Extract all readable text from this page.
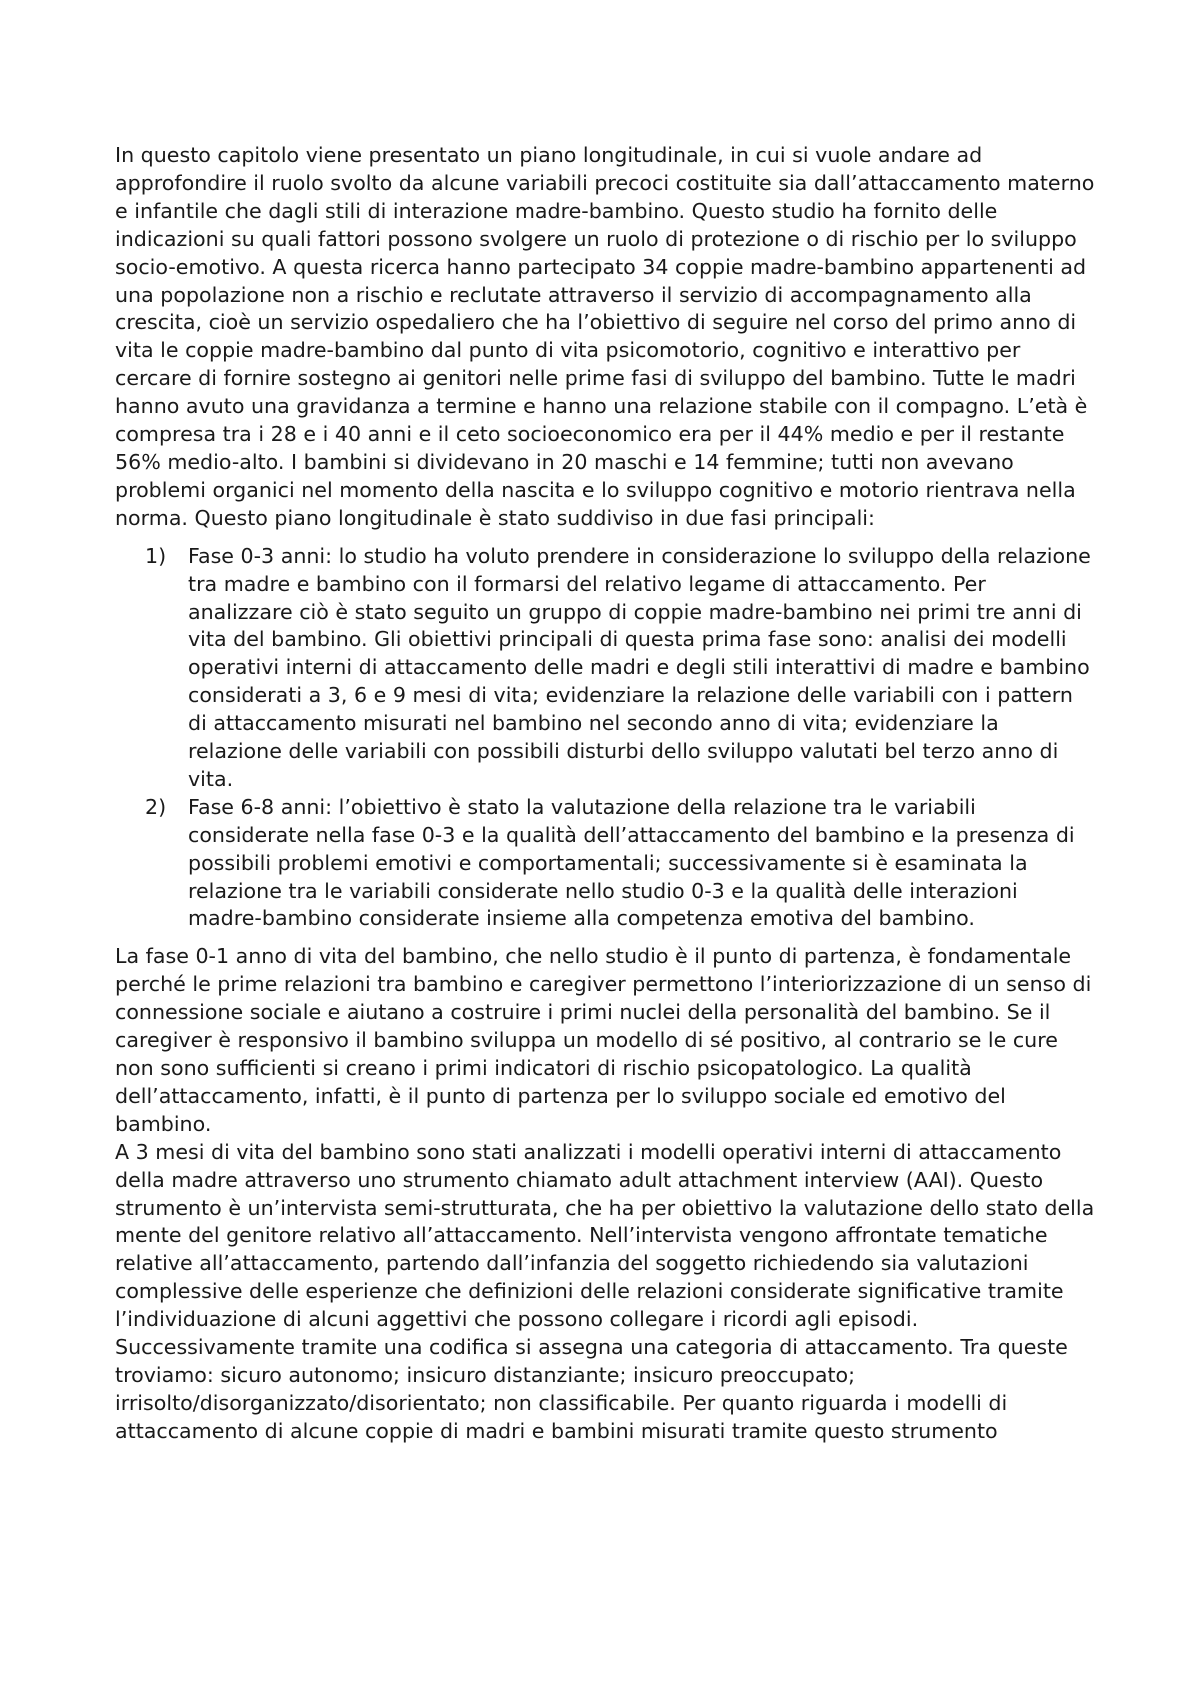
In questo capitolo viene presentato un piano longitudinale, in cui si vuole andare ad approfondire il ruolo svolto da alcune variabili precoci costituite sia dall’attaccamento materno e infantile che dagli stili di interazione madre-bambino. Questo studio ha fornito delle indicazioni su quali fattori possono svolgere un ruolo di protezione o di rischio per lo sviluppo socio-emotivo. A questa ricerca hanno partecipato 34 coppie madre-bambino appartenenti ad una popolazione non a rischio e reclutate attraverso il servizio di accompagnamento alla crescita, cioè un servizio ospedaliero che ha l’obiettivo di seguire nel corso del primo anno di vita le coppie madre-bambino dal punto di vita psicomotorio, cognitivo e interattivo per cercare di fornire sostegno ai genitori nelle prime fasi di sviluppo del bambino. Tutte le madri hanno avuto una gravidanza a termine e hanno una relazione stabile con il compagno. L’età è compresa tra i 28 e i 40 anni e il ceto socioeconomico era per il 44% medio e per il restante 56% medio-alto. I bambini si dividevano in 20 maschi e 14 femmine; tutti non avevano problemi organici nel momento della nascita e lo sviluppo cognitivo e motorio rientrava nella norma. Questo piano longitudinale è stato suddiviso in due fasi principali:

1) Fase 0-3 anni: lo studio ha voluto prendere in considerazione lo sviluppo della relazione tra madre e bambino con il formarsi del relativo legame di attaccamento. Per analizzare ciò è stato seguito un gruppo di coppie madre-bambino nei primi tre anni di vita del bambino. Gli obiettivi principali di questa prima fase sono: analisi dei modelli operativi interni di attaccamento delle madri e degli stili interattivi di madre e bambino considerati a 3, 6 e 9 mesi di vita; evidenziare la relazione delle variabili con i pattern di attaccamento misurati nel bambino nel secondo anno di vita; evidenziare la relazione delle variabili con possibili disturbi dello sviluppo valutati bel terzo anno di vita.
2) Fase 6-8 anni: l’obiettivo è stato la valutazione della relazione tra le variabili considerate nella fase 0-3 e la qualità dell’attaccamento del bambino e la presenza di possibili problemi emotivi e comportamentali; successivamente si è esaminata la relazione tra le variabili considerate nello studio 0-3 e la qualità delle interazioni madre-bambino considerate insieme alla competenza emotiva del bambino.

La fase 0-1 anno di vita del bambino, che nello studio è il punto di partenza, è fondamentale perché le prime relazioni tra bambino e caregiver permettono l’interiorizzazione di un senso di connessione sociale e aiutano a costruire i primi nuclei della personalità del bambino. Se il caregiver è responsivo il bambino sviluppa un modello di sé positivo, al contrario se le cure non sono sufficienti si creano i primi indicatori di rischio psicopatologico. La qualità dell’attaccamento, infatti, è il punto di partenza per lo sviluppo sociale ed emotivo del bambino.

A 3 mesi di vita del bambino sono stati analizzati i modelli operativi interni di attaccamento della madre attraverso uno strumento chiamato adult attachment interview (AAI). Questo strumento è un’intervista semi-strutturata, che ha per obiettivo la valutazione dello stato della mente del genitore relativo all’attaccamento. Nell’intervista vengono affrontate tematiche relative all’attaccamento, partendo dall’infanzia del soggetto richiedendo sia valutazioni complessive delle esperienze che definizioni delle relazioni considerate significative tramite l’individuazione di alcuni aggettivi che possono collegare i ricordi agli episodi. Successivamente tramite una codifica si assegna una categoria di attaccamento. Tra queste troviamo: sicuro autonomo; insicuro distanziante; insicuro preoccupato; irrisolto/disorganizzato/disorientato; non classificabile. Per quanto riguarda i modelli di attaccamento di alcune coppie di madri e bambini misurati tramite questo strumento
